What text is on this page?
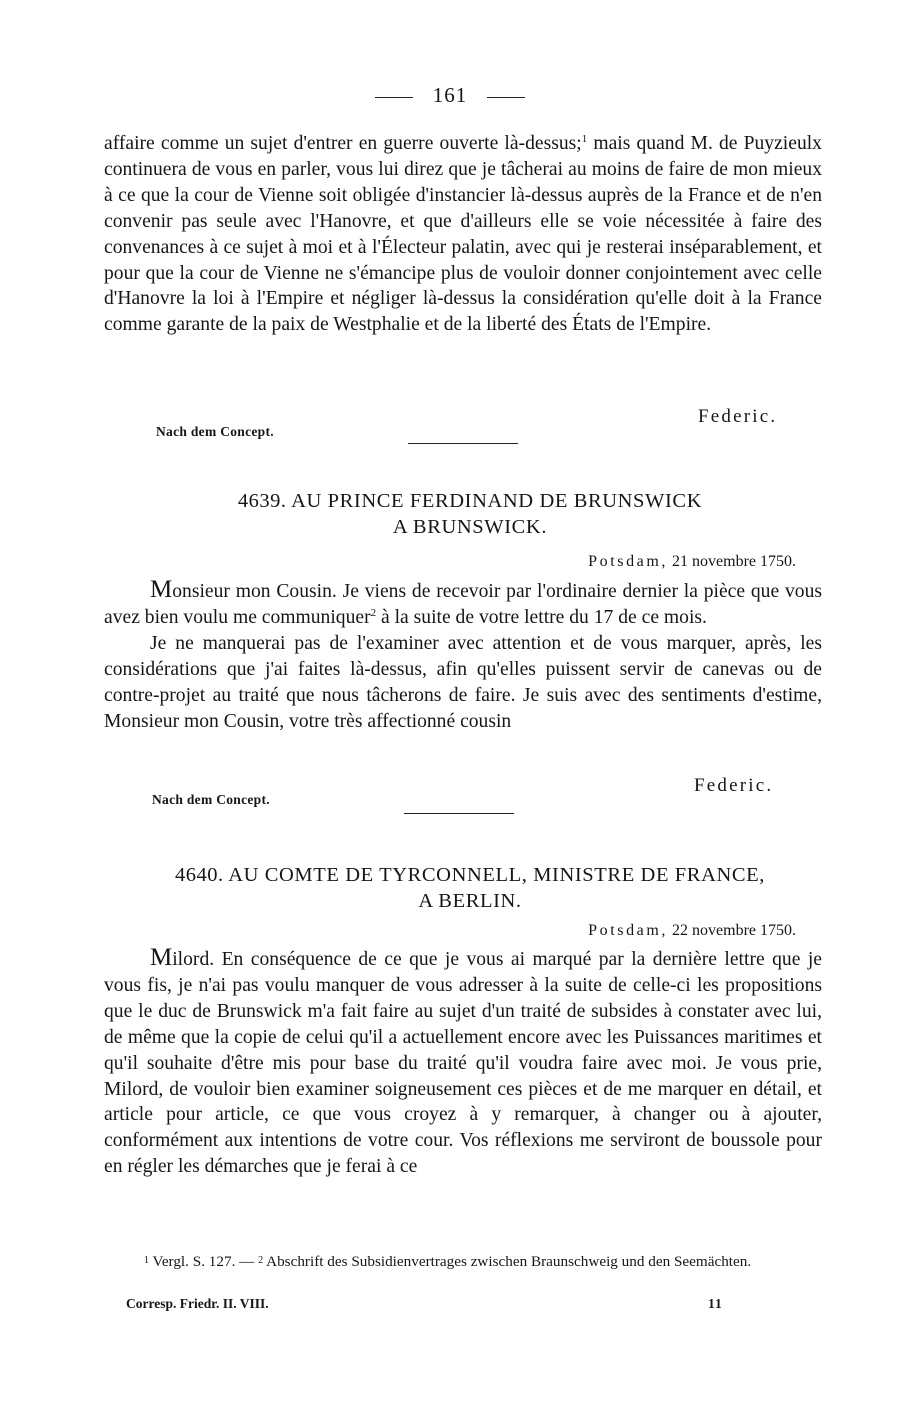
161

affaire comme un sujet d'entrer en guerre ouverte là-dessus;$^1$ mais quand M. de Puyzieulx continuera de vous en parler, vous lui direz que je tâcherai au moins de faire de mon mieux à ce que la cour de Vienne soit obligée d'instancier là-dessus auprès de la France et de n'en convenir pas seule avec l'Hanovre, et que d'ailleurs elle se voie nécessitée à faire des convenances à ce sujet à moi et à l'Électeur palatin, avec qui je resterai inséparablement, et pour que la cour de Vienne ne s'émancipe plus de vouloir donner conjointement avec celle d'Hanovre la loi à l'Empire et négliger là-dessus la considération qu'elle doit à la France comme garante de la paix de Westphalie et de la liberté des États de l'Empire.

Federic.
Nach dem Concept.
4639. AU PRINCE FERDINAND DE BRUNSWICK
A BRUNSWICK.
Potsdam, 21 novembre 1750.

Monsieur mon Cousin. Je viens de recevoir par l'ordinaire dernier la pièce que vous avez bien voulu me communiquer$^2$ à la suite de votre lettre du 17 de ce mois.

Je ne manquerai pas de l'examiner avec attention et de vous marquer, après, les considérations que j'ai faites là-dessus, afin qu'elles puissent servir de canevas ou de contre-projet au traité que nous tâcherons de faire. Je suis avec des sentiments d'estime, Monsieur mon Cousin, votre très affectionné cousin

Federic.
Nach dem Concept.
4640. AU COMTE DE TYRCONNELL, MINISTRE DE FRANCE,
A BERLIN.
Potsdam, 22 novembre 1750.

Milord. En conséquence de ce que je vous ai marqué par la dernière lettre que je vous fis, je n'ai pas voulu manquer de vous adresser à la suite de celle-ci les propositions que le duc de Brunswick m'a fait faire au sujet d'un traité de subsides à constater avec lui, de même que la copie de celui qu'il a actuellement encore avec les Puissances maritimes et qu'il souhaite d'être mis pour base du traité qu'il voudra faire avec moi. Je vous prie, Milord, de vouloir bien examiner soigneusement ces pièces et de me marquer en détail, et article pour article, ce que vous croyez à y remarquer, à changer ou à ajouter, conformément aux intentions de votre cour. Vos réflexions me serviront de boussole pour en régler les démarches que je ferai à ce

1 Vergl. S. 127. — 2 Abschrift des Subsidienvertrages zwischen Braunschweig und den Seemächten.

Corresp. Friedr. II. VIII.	11
